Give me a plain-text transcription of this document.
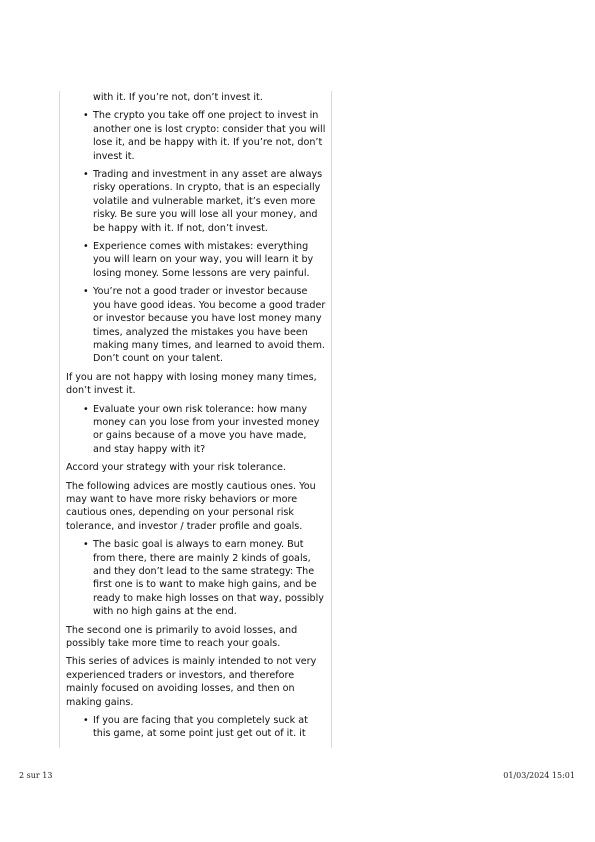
with it. If you’re not, don’t invest it.
• The crypto you take off one project to invest in another one is lost crypto: consider that you will lose it, and be happy with it. If you’re not, don’t invest it.
• Trading and investment in any asset are always risky operations. In crypto, that is an especially volatile and vulnerable market, it’s even more risky. Be sure you will lose all your money, and be happy with it. If not, don’t invest.
• Experience comes with mistakes: everything you will learn on your way, you will learn it by losing money. Some lessons are very painful.
• You’re not a good trader or investor because you have good ideas. You become a good trader or investor because you have lost money many times, analyzed the mistakes you have been making many times, and learned to avoid them. Don’t count on your talent.

If you are not happy with losing money many times, don’t invest it.

• Evaluate your own risk tolerance: how many money can you lose from your invested money or gains because of a move you have made, and stay happy with it?

Accord your strategy with your risk tolerance.

The following advices are mostly cautious ones. You may want to have more risky behaviors or more cautious ones, depending on your personal risk tolerance, and investor / trader profile and goals.

• The basic goal is always to earn money. But from there, there are mainly 2 kinds of goals, and they don’t lead to the same strategy: The first one is to want to make high gains, and be ready to make high losses on that way, possibly with no high gains at the end.

The second one is primarily to avoid losses, and possibly take more time to reach your goals.

This series of advices is mainly intended to not very experienced traders or investors, and therefore mainly focused on avoiding losses, and then on making gains.

• If you are facing that you completely suck at this game, at some point just get out of it. it
2 sur 13	01/03/2024 15:01
